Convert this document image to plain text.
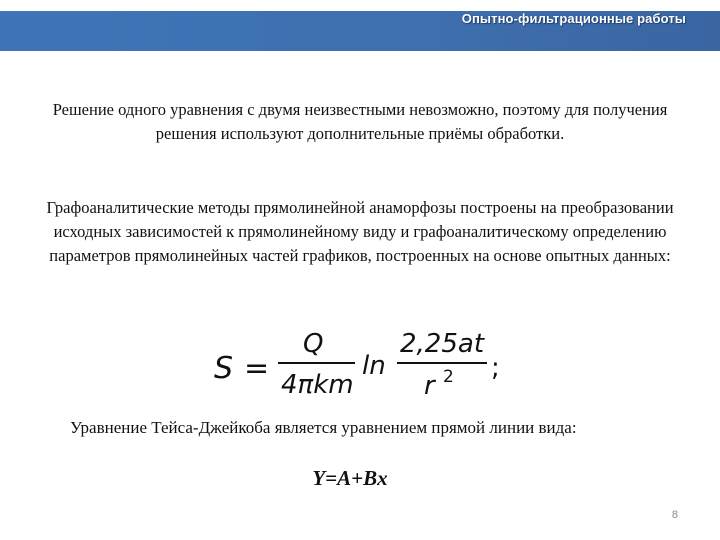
Опытно-фильтрационные работы
Решение одного уравнения с двумя неизвестными невозможно, поэтому для получения решения используют дополнительные приёмы обработки.
Графоаналитические методы прямолинейной анаморфозы построены на преобразовании исходных зависимостей к прямолинейному виду и графоаналитическому определению параметров прямолинейных частей графиков, построенных на основе опытных данных:
S =
Q
4πkm
ln
2,25at
r 2 ;
Уравнение Тейса-Джейкоба является уравнением прямой линии вида:
Y=A+Bx
8
